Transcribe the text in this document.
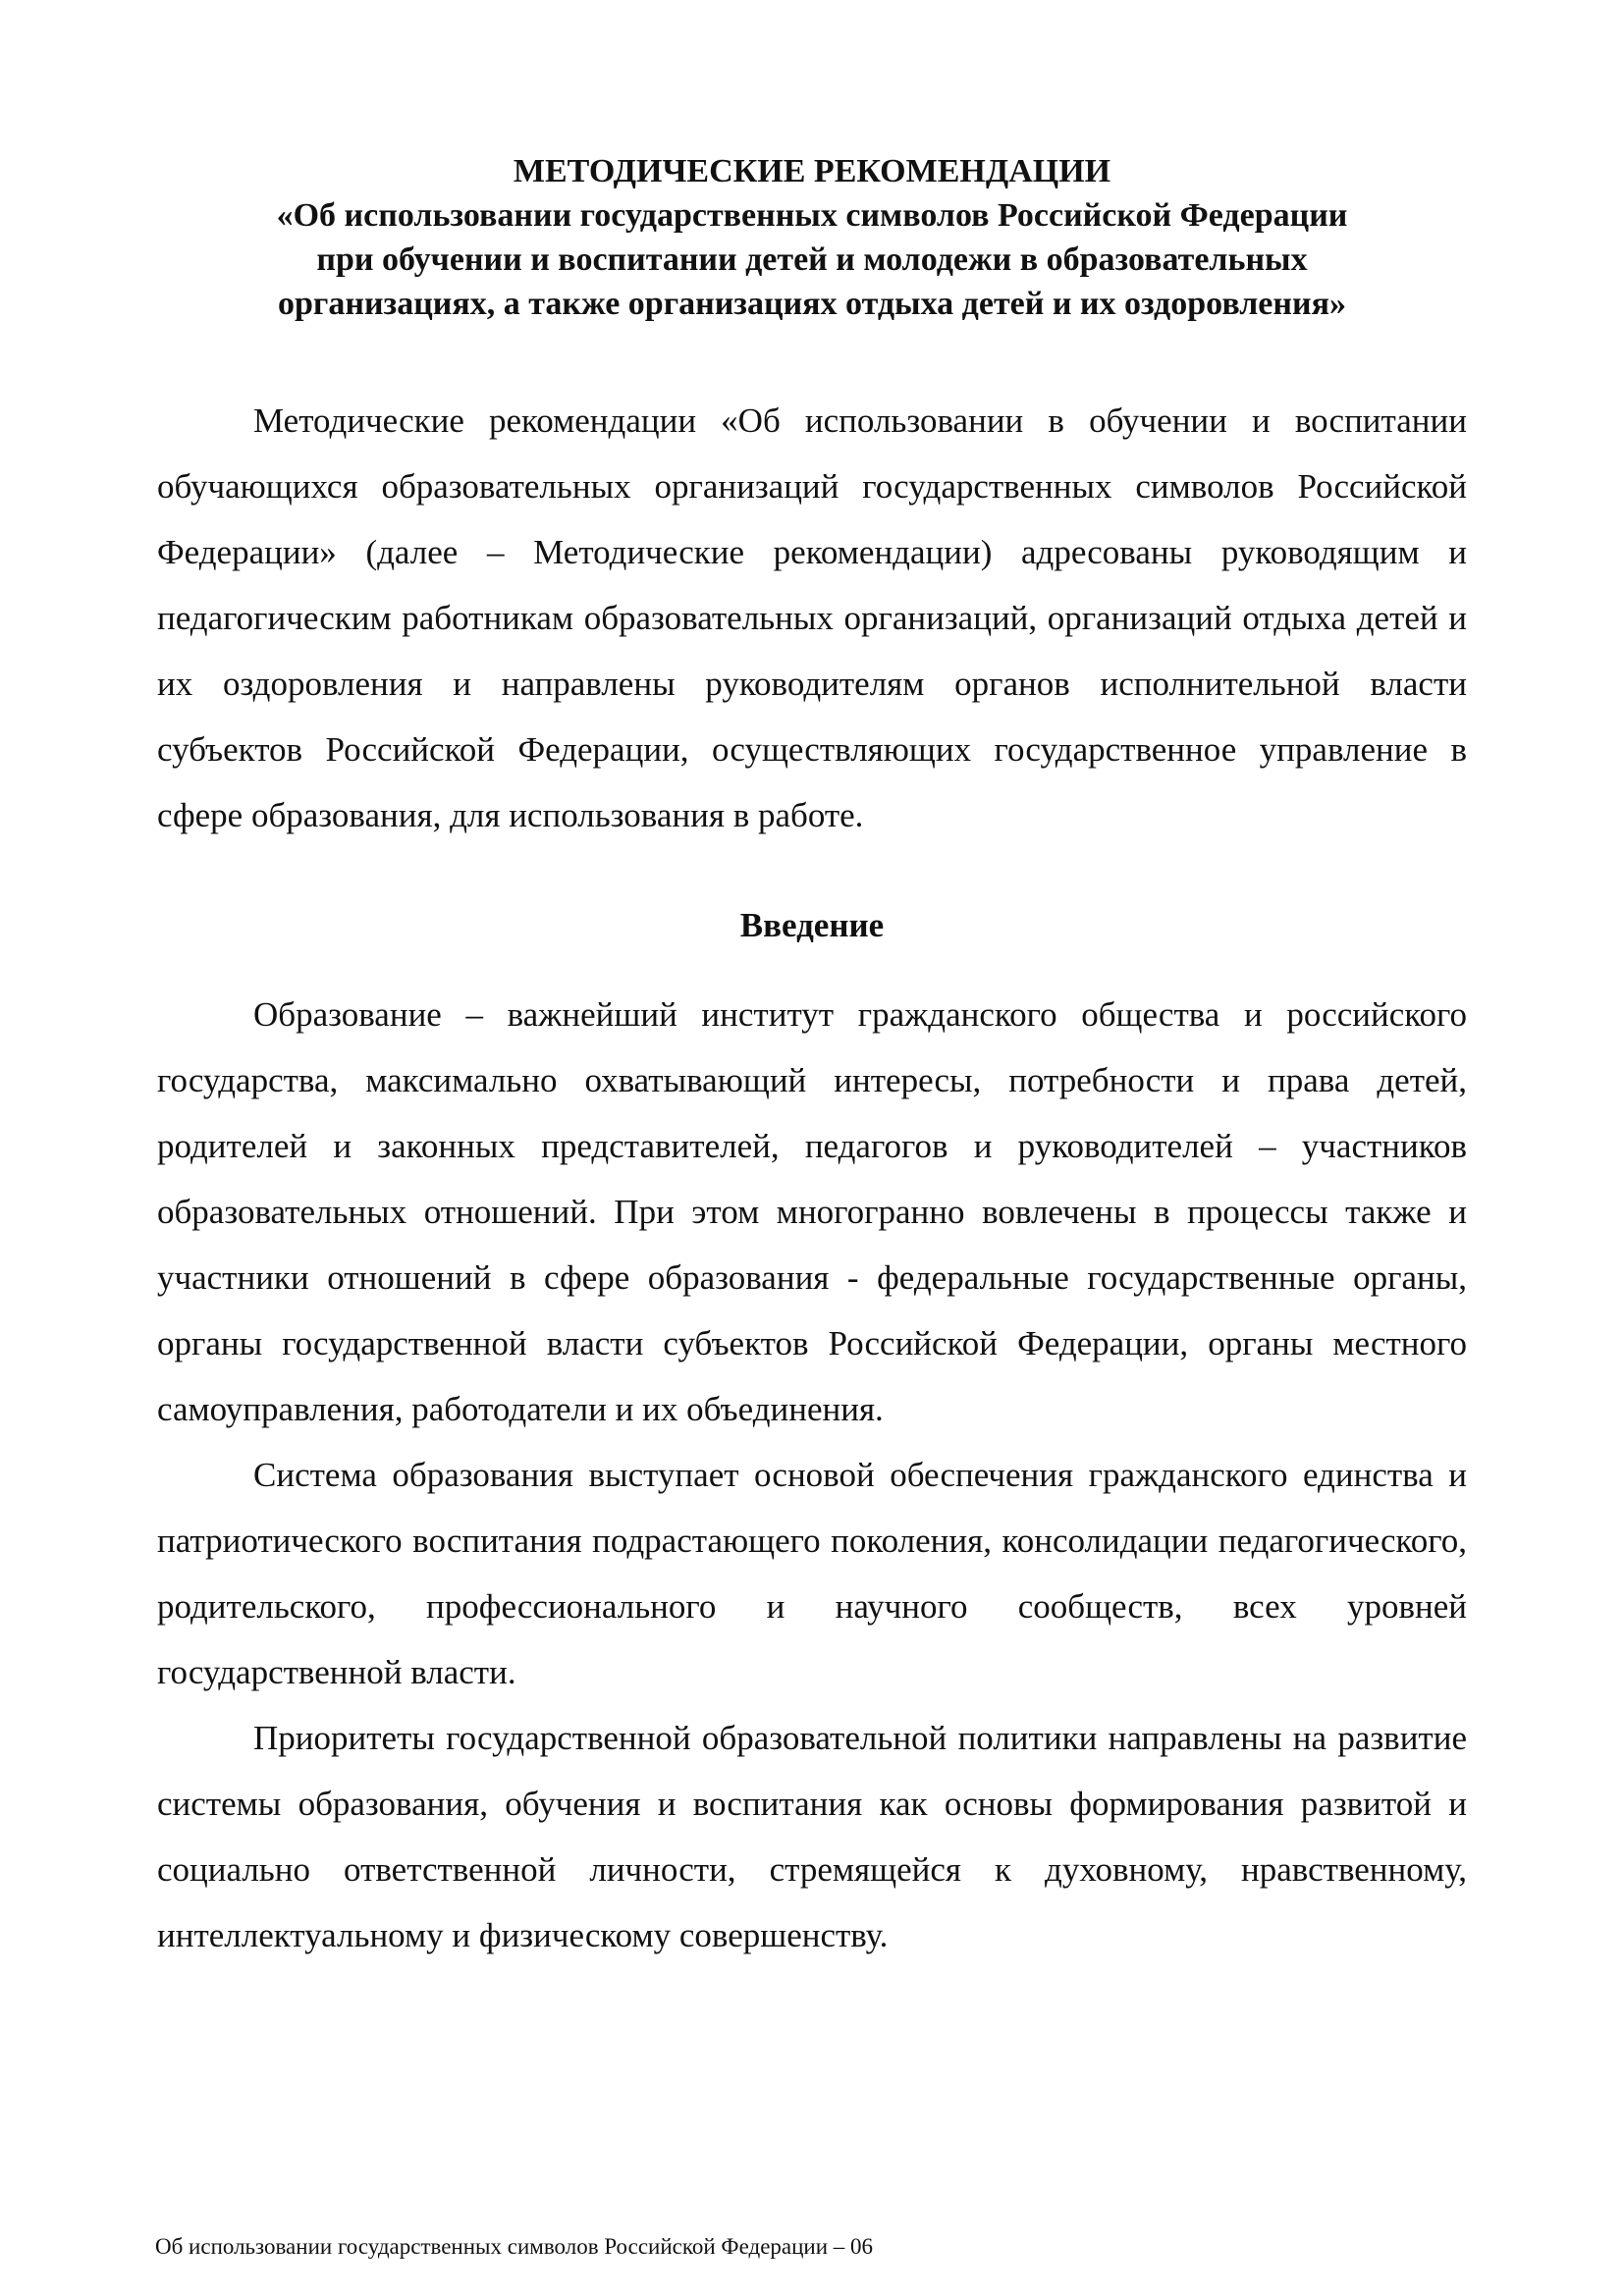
МЕТОДИЧЕСКИЕ РЕКОМЕНДАЦИИ
«Об использовании государственных символов Российской Федерации
при обучении и воспитании детей и молодежи в образовательных
организациях, а также организациях отдыха детей и их оздоровления»

Методические рекомендации «Об использовании в обучении и воспитании обучающихся образовательных организаций государственных символов Российской Федерации» (далее – Методические рекомендации) адресованы руководящим и педагогическим работникам образовательных организаций, организаций отдыха детей и их оздоровления и направлены руководителям органов исполнительной власти субъектов Российской Федерации, осуществляющих государственное управление в сфере образования, для использования в работе.

Введение

Образование – важнейший институт гражданского общества и российского государства, максимально охватывающий интересы, потребности и права детей, родителей и законных представителей, педагогов и руководителей – участников образовательных отношений. При этом многогранно вовлечены в процессы также и участники отношений в сфере образования - федеральные государственные органы, органы государственной власти субъектов Российской Федерации, органы местного самоуправления, работодатели и их объединения.

Система образования выступает основой обеспечения гражданского единства и патриотического воспитания подрастающего поколения, консолидации педагогического, родительского, профессионального и научного сообществ, всех уровней государственной власти.

Приоритеты государственной образовательной политики направлены на развитие системы образования, обучения и воспитания как основы формирования развитой и социально ответственной личности, стремящейся к духовному, нравственному, интеллектуальному и физическому совершенству.

Об использовании государственных символов Российской Федерации – 06
